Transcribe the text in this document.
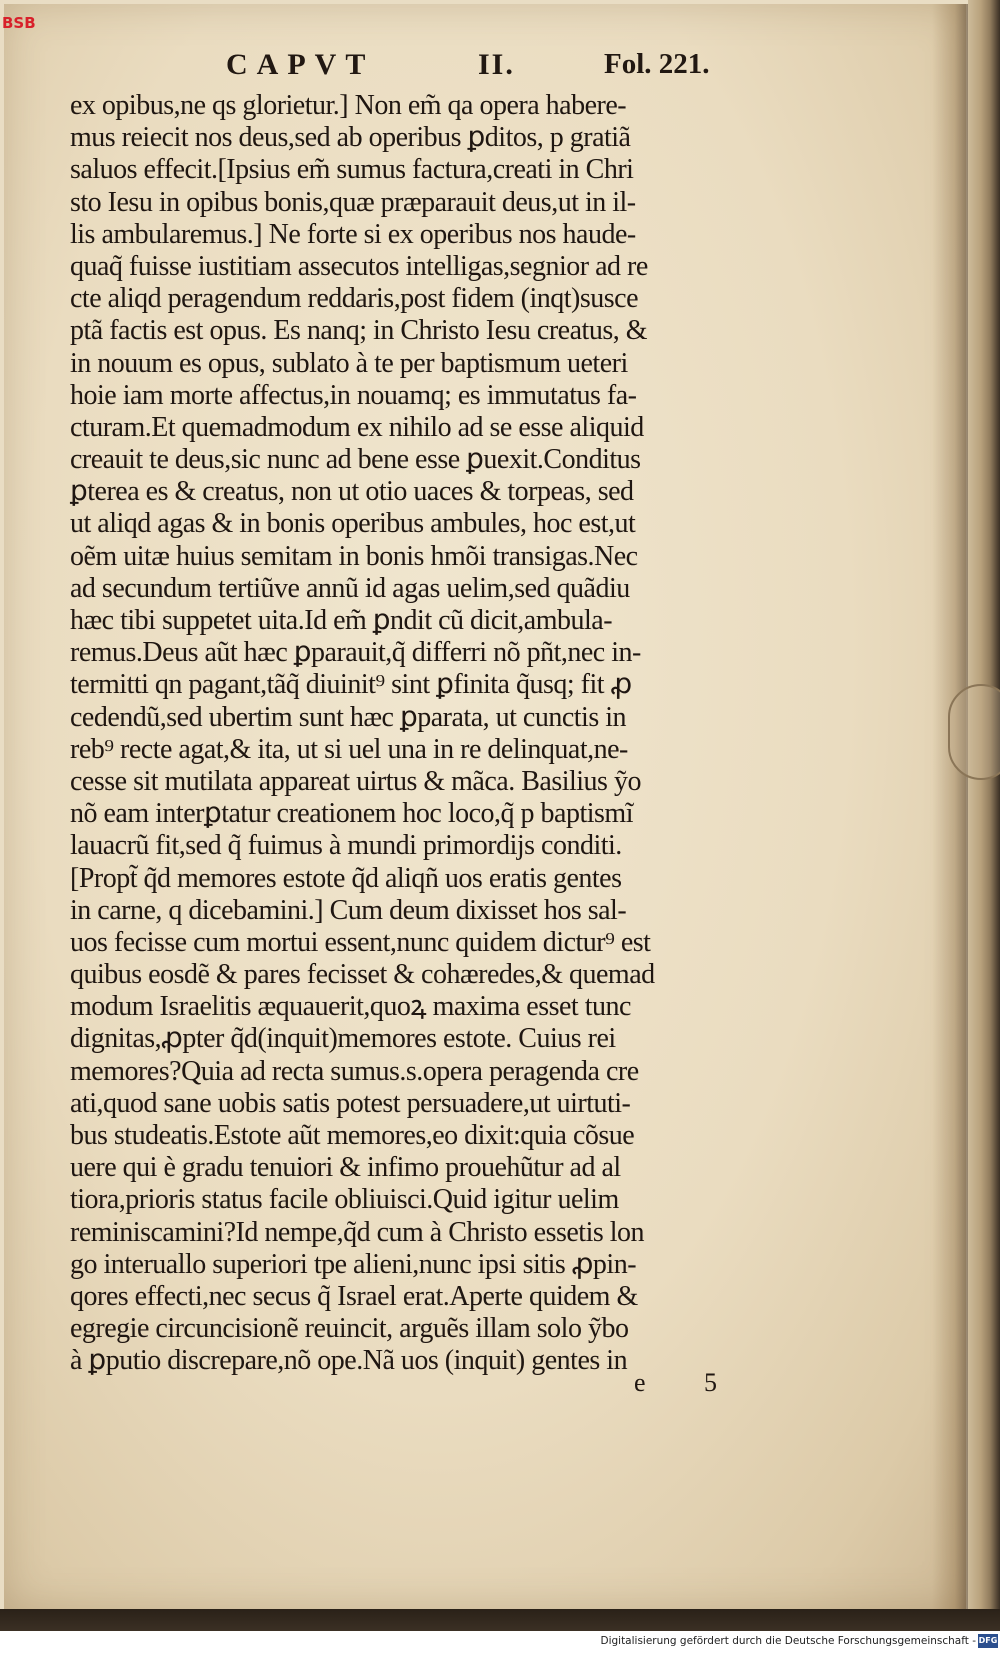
BSB
CAPVT	II.	Fol. 221.
ex opibus,ne qs glorietur.] Non em̃ qa opera habere-
mus reiecit nos deus,sed ab operibus ꝑditos, p gratiã
saluos effecit.[Ipsius em̃ sumus factura,creati in Chri
sto Iesu in opibus bonis,quæ præparauit deus,ut in il-
lis ambularemus.] Ne forte si ex operibus nos haude-
quaq̃ fuisse iustitiam assecutos intelligas,segnior ad re
cte aliqd peragendum reddaris,post fidem (inqt)susce
ptã factis est opus. Es nanq; in Christo Iesu creatus, &
in nouum es opus, sublato à te per baptismum ueteri
hoie iam morte affectus,in nouamq; es immutatus fa-
cturam.Et quemadmodum ex nihilo ad se esse aliquid
creauit te deus,sic nunc ad bene esse ꝑuexit.Conditus
ꝑterea es & creatus, non ut otio uaces & torpeas, sed
ut aliqd agas & in bonis operibus ambules, hoc est,ut
oẽm uitæ huius semitam in bonis hmõi transigas.Nec
ad secundum tertiũve annũ id agas uelim,sed quãdiu
hæc tibi suppetet uita.Id em̃ ꝑndit cũ dicit,ambula-
remus.Deus aũt hæc ꝑparauit,q̃ differri nõ pñt,nec in-
termitti qn pagant,tãq̃ diuinit⁹ sint ꝑfinita q̃usq; fit ꝓ
cedendũ,sed ubertim sunt hæc ꝑparata, ut cunctis in
reb⁹ recte agat,& ita, ut si uel una in re delinquat,ne-
cesse sit mutilata appareat uirtus & mãca. Basilius ỹo
nõ eam interꝑtatur creationem hoc loco,q̃ p baptismĩ
lauacrũ fit,sed q̃ fuimus à mundi primordijs conditi.
[Propt̃ q̃d memores estote q̃d aliqñ uos eratis gentes
in carne, q dicebamini.] Cum deum dixisset hos sal-
uos fecisse cum mortui essent,nunc quidem dictur⁹ est
quibus eosdẽ & pares fecisset & cohæredes,& quemad
modum Israelitis æquauerit,quoꝝ maxima esset tunc
dignitas,ꝓpter q̃d(inquit)memores estote. Cuius rei
memores?Quia ad recta sumus.s.opera peragenda cre
ati,quod sane uobis satis potest persuadere,ut uirtuti-
bus studeatis.Estote aũt memores,eo dixit:quia cõsue
uere qui è gradu tenuiori & infimo prouehũtur ad al
tiora,prioris status facile obliuisci.Quid igitur uelim
reminiscamini?Id nempe,q̃d cum à Christo essetis lon
go interuallo superiori tpe alieni,nunc ipsi sitis ꝓpin-
qores effecti,nec secus q̃ Israel erat.Aperte quidem &
egregie circuncisionẽ reuincit, arguẽs illam solo ỹbo
à ꝑputio discrepare,nõ ope.Nã uos (inquit) gentes in
e 5
Digitalisierung gefördert durch die Deutsche Forschungsgemeinschaft - DFG
